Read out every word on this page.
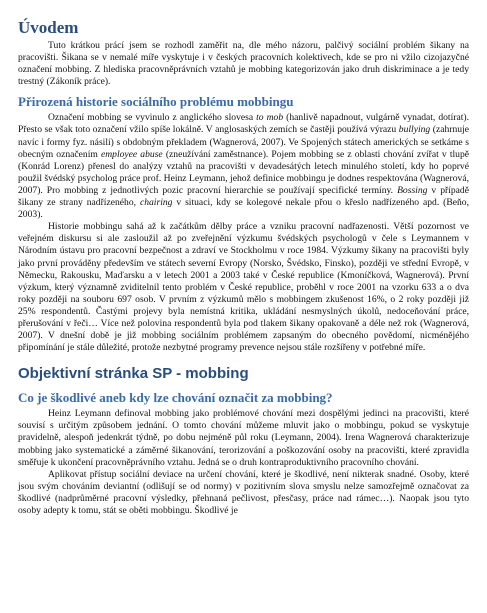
Úvodem

Tuto krátkou prácí jsem se rozhodl zaměřit na, dle mého názoru, palčivý sociální problém šikany na pracovišti. Šikana se v nemalé míře vyskytuje i v českých pracovních kolektivech, kde se pro ni vžilo cizojazyčné označení mobbing. Z hlediska pracovněprávních vztahů je mobbing kategorizován jako druh diskriminace a je tedy trestný (Zákoník práce).

Přirozená historie sociálního problému mobbingu

Označení mobbing se vyvinulo z anglického slovesa to mob (hanlivě napadnout, vulgárně vynadat, dotírat). Přesto se však toto označení vžilo spíše lokálně. V anglosaských zemích se častěji používá výrazu bullying (zahrnuje navíc i formy fyz. násilí) s obdobným překladem (Wagnerová, 2007). Ve Spojených státech amerických se setkáme s obecným označením employee abuse (zneužívání zaměstnance). Pojem mobbing se z oblasti chování zvířat v tlupě (Konrád Lorenz) přenesl do analýzy vztahů na pracovišti v devadesátých letech minulého století, kdy ho poprvé použil švédský psycholog práce prof. Heinz Leymann, jehož definice mobbingu je dodnes respektována (Wagnerová, 2007). Pro mobbing z jednotlivých pozic pracovní hierarchie se používají specifické termíny. Bossing v případě šikany ze strany nadřízeného, chairing v situaci, kdy se kolegové nekale přou o křeslo nadřízeného apd. (Beňo, 2003).

Historie mobbingu sahá až k začátkům dělby práce a vzniku pracovní nadřazenosti. Větší pozornost ve veřejném diskursu si ale zasloužil až po zveřejnění výzkumu švédských psychologů v čele s Leymannem v Národním ústavu pro pracovní bezpečnost a zdraví ve Stockholmu v roce 1984. Výzkumy šikany na pracovišti byly jako první prováděny především ve státech severní Evropy (Norsko, Švédsko, Finsko), později ve střední Evropě, v Německu, Rakousku, Maďarsku a v letech 2001 a 2003 také v České republice (Kmoníčková, Wagnerová). První výzkum, který významně zviditelnil tento problém v České republice, proběhl v roce 2001 na vzorku 633 a o dva roky později na souboru 697 osob. V prvním z výzkumů mělo s mobbingem zkušenost 16%, o 2 roky později již 25% respondentů. Častými projevy byla nemístná kritika, ukládání nesmyslných úkolů, nedoceňování práce, přerušování v řeči… Více než polovina respondentů byla pod tlakem šikany opakovaně a déle než rok (Wagnerová, 2007). V dnešní době je již mobbing sociálním problémem zapsaným do obecného povědomí, nicméněj​ého připomínání je stále důležité, protože nezbytné programy prevence nejsou stále rozšířeny v potřebné míře.

Objektivní stránka SP - mobbing
Co je škodlivé aneb kdy lze chování označit za mobbing?

Heinz Leymann definoval mobbing jako problémové chování mezi dospělými jedinci na pracovišti, které souvisí s určitým způsobem jednání. O tomto chování můžeme mluvit jako o mobbingu, pokud se vyskytuje pravidelně, alespoň jedenkrát týdně, po dobu nejméně půl roku (Leymann, 2004). Irena Wagnerová charakterizuje mobbing jako systematické a záměrné šikanování, terorizování a poškozování osoby na pracovišti, které zpravidla směřuje k ukončení pracovněprávního vztahu. Jedná se o druh kontraproduktivního pracovního chování.

Aplikovat přístup sociální deviace na určení chování, které je škodlivé, není nikterak snadné. Osoby, které jsou svým chováním deviantní (odlišují se od normy) v pozitivním slova smyslu nelze samozřejmě označovat za škodlivé (nadprůměrné pracovní výsledky, přehnaná pečlivost, přesčasy, práce nad rámec…). Naopak jsou tyto osoby adepty k tomu, stát se oběti mobbingu. Škodlivé je
